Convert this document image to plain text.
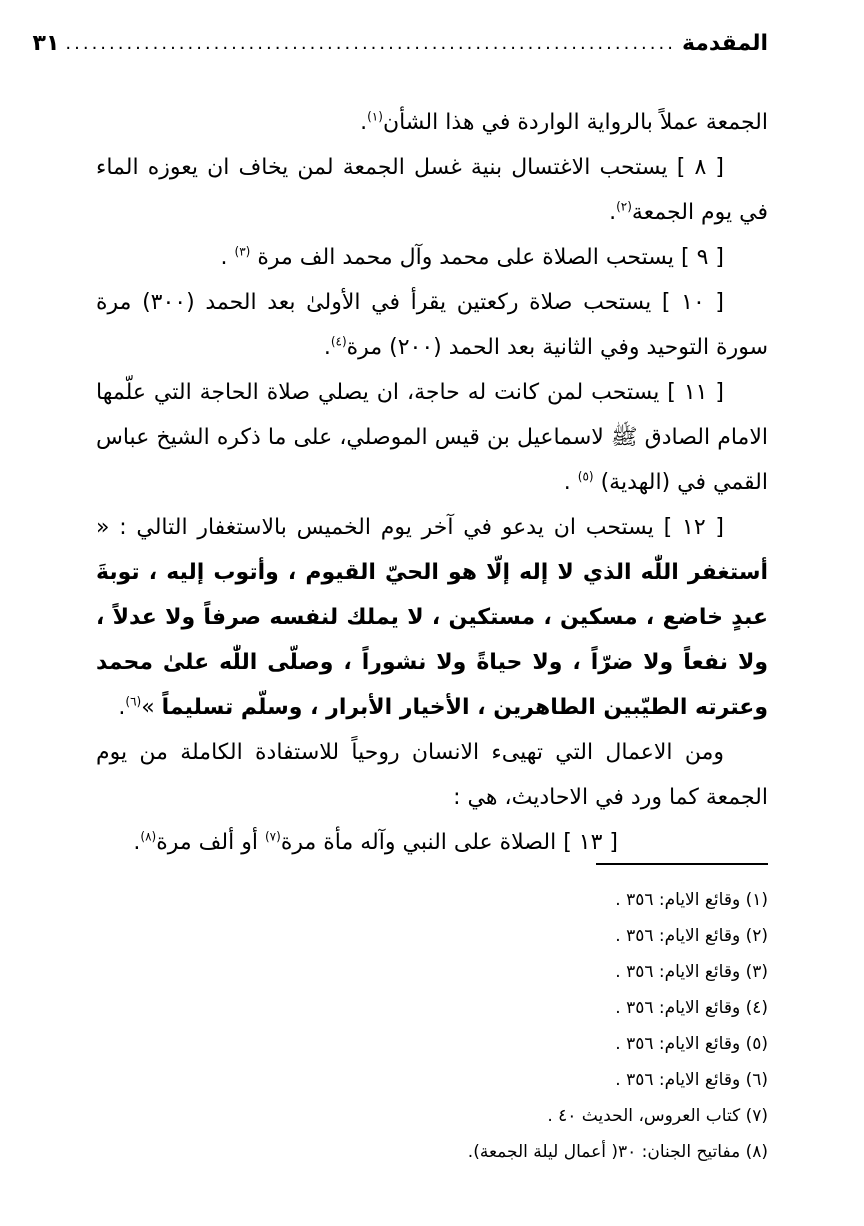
المقدمة
......................................................................
٣١

الجمعة عملاً بالرواية الواردة في هذا الشأن$^{(١)}$.

[ ٨ ] يستحب الاغتسال بنية غسل الجمعة لمن يخاف ان يعوزه الماء في يوم الجمعة$^{(٢)}$.

[ ٩ ] يستحب الصلاة على محمد وآل محمد الف مرة $^{(٣)}$ .

[ ١٠ ] يستحب صلاة ركعتين يقرأ في الأولىٰ بعد الحمد (٣٠٠) مرة سورة التوحيد وفي الثانية بعد الحمد (٢٠٠) مرة$^{(٤)}$.

[ ١١ ] يستحب لمن كانت له حاجة، ان يصلي صلاة الحاجة التي علّمها الامام الصادق ﷺ لاسماعيل بن قيس الموصلي، على ما ذكره الشيخ عباس القمي في (الهدية) $^{(٥)}$ .

[ ١٢ ] يستحب ان يدعو في آخر يوم الخميس بالاستغفار التالي : « أستغفر اللّٰه الذي لا إله إلّا هو الحيّ القيوم ، وأتوب إليه ، توبةَ عبدٍ خاضع ، مسكين ، مستكين ، لا يملك لنفسه صرفاً ولا عدلاً ، ولا نفعاً ولا ضرّاً ، ولا حياةً ولا نشوراً ، وصلّى اللّٰه علىٰ محمد وعترته الطيّبين الطاهرين ، الأخيار الأبرار ، وسلّم تسليماً »$^{(٦)}$.

ومن الاعمال التي تهيىء الانسان روحياً للاستفادة الكاملة من يوم الجمعة كما ورد في الاحاديث، هي :

[ ١٣ ] الصلاة على النبي وآله مأة مرة$^{(٧)}$ أو ألف مرة$^{(٨)}$.

(١) وقائع الايام: ٣٥٦ .
(٢) وقائع الايام: ٣٥٦ .
(٣) وقائع الايام: ٣٥٦ .
(٤) وقائع الايام: ٣٥٦ .
(٥) وقائع الايام: ٣٥٦ .
(٦) وقائع الايام: ٣٥٦ .
(٧) كتاب العروس، الحديث ٤٠ .
(٨) مفاتيح الجنان: ٣٠( أعمال ليلة الجمعة).
